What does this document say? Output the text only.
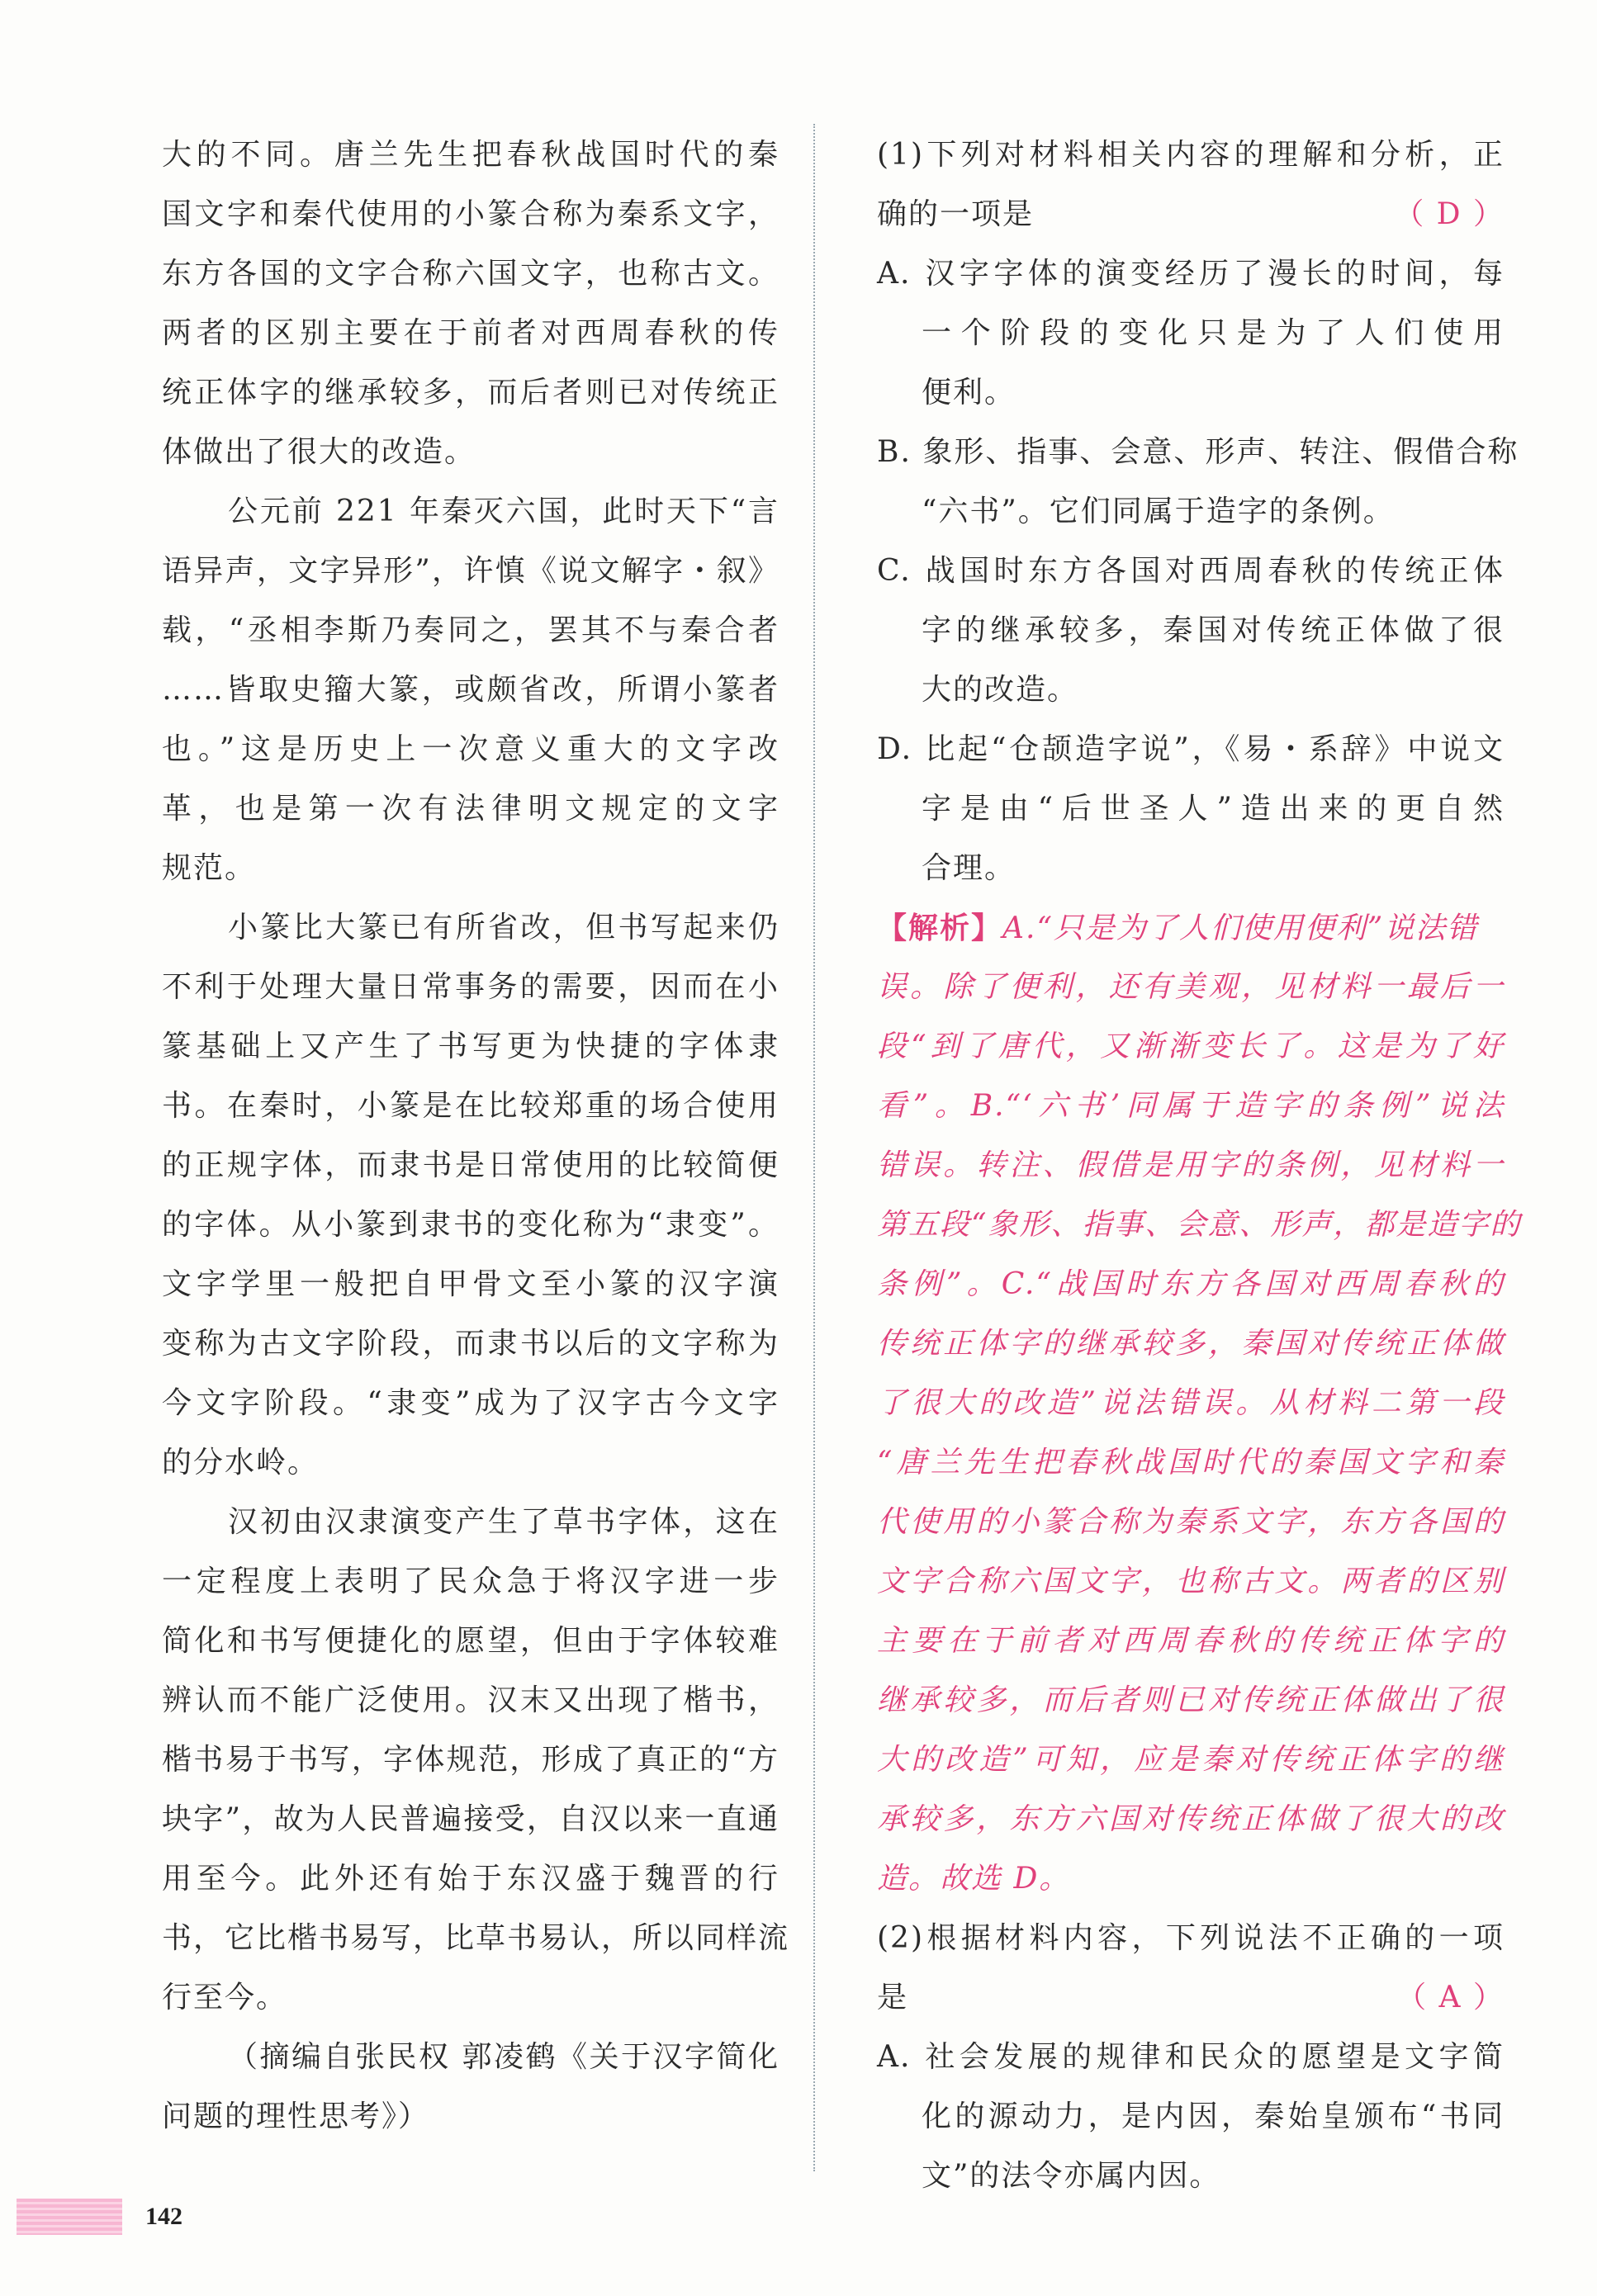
大的不同。唐兰先生把春秋战国时代的秦
国文字和秦代使用的小篆合称为秦系文字，
东方各国的文字合称六国文字，也称古文。
两者的区别主要在于前者对西周春秋的传
统正体字的继承较多，而后者则已对传统正
体做出了很大的改造。
公元前 221 年秦灭六国，此时天下“言
语异声，文字异形”，许慎《说文解字・叙》
载，“丞相李斯乃奏同之，罢其不与秦合者
……皆取史籀大篆，或颇省改，所谓小篆者
也。”这是历史上一次意义重大的文字改
革，也是第一次有法律明文规定的文字
规范。
小篆比大篆已有所省改，但书写起来仍
不利于处理大量日常事务的需要，因而在小
篆基础上又产生了书写更为快捷的字体隶
书。在秦时，小篆是在比较郑重的场合使用
的正规字体，而隶书是日常使用的比较简便
的字体。从小篆到隶书的变化称为“隶变”。
文字学里一般把自甲骨文至小篆的汉字演
变称为古文字阶段，而隶书以后的文字称为
今文字阶段。“隶变”成为了汉字古今文字
的分水岭。
汉初由汉隶演变产生了草书字体，这在
一定程度上表明了民众急于将汉字进一步
简化和书写便捷化的愿望，但由于字体较难
辨认而不能广泛使用。汉末又出现了楷书，
楷书易于书写，字体规范，形成了真正的“方
块字”，故为人民普遍接受，自汉以来一直通
用至今。此外还有始于东汉盛于魏晋的行
书，它比楷书易写，比草书易认，所以同样流
行至今。
（摘编自张民权 郭凌鹤《关于汉字简化
问题的理性思考》）
(1)下列对材料相关内容的理解和分析，正
确的一项是	（ D ）
A. 汉字字体的演变经历了漫长的时间，每
一个阶段的变化只是为了人们使用
便利。
B. 象形、指事、会意、形声、转注、假借合称
“六书”。它们同属于造字的条例。
C. 战国时东方各国对西周春秋的传统正体
字的继承较多，秦国对传统正体做了很
大的改造。
D. 比起“仓颉造字说”，《易・系辞》中说文
字是由“后世圣人”造出来的更自然
合理。
【解析】A.“只是为了人们使用便利”说法错
误。除了便利，还有美观，见材料一最后一
段“到了唐代，又渐渐变长了。这是为了好
看”。B.“‘六书’同属于造字的条例”说法
错误。转注、假借是用字的条例，见材料一
第五段“象形、指事、会意、形声，都是造字的
条例”。C.“战国时东方各国对西周春秋的
传统正体字的继承较多，秦国对传统正体做
了很大的改造”说法错误。从材料二第一段
“唐兰先生把春秋战国时代的秦国文字和秦
代使用的小篆合称为秦系文字，东方各国的
文字合称六国文字，也称古文。两者的区别
主要在于前者对西周春秋的传统正体字的
继承较多，而后者则已对传统正体做出了很
大的改造”可知，应是秦对传统正体字的继
承较多，东方六国对传统正体做了很大的改
造。故选 D。
(2)根据材料内容，下列说法不正确的一项
是	（ A ）
A. 社会发展的规律和民众的愿望是文字简
化的源动力，是内因，秦始皇颁布“书同
文”的法令亦属内因。
142
